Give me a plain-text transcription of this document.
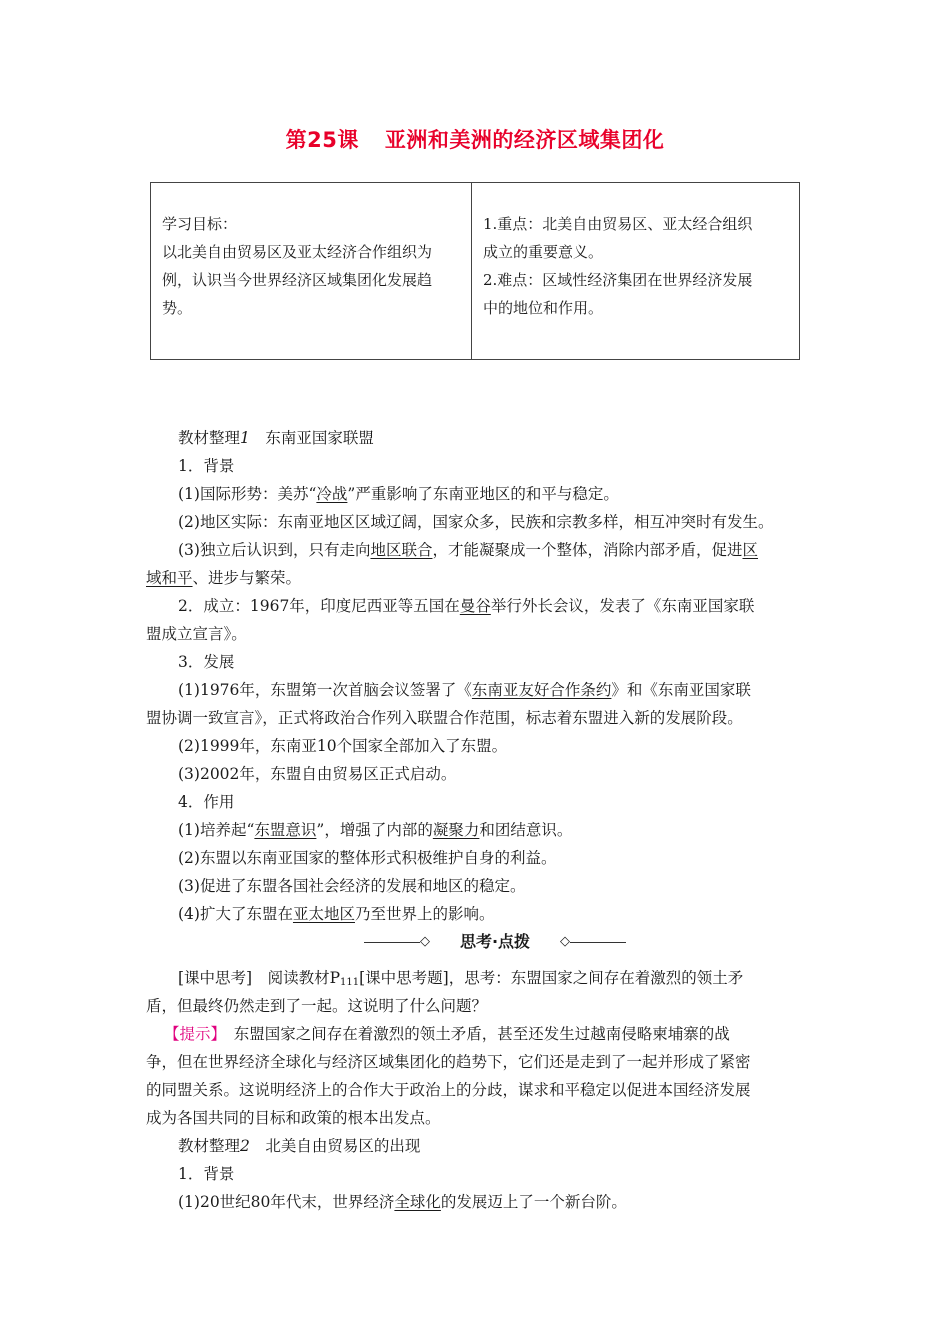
第25课 亚洲和美洲的经济区域集团化
学习目标：
以北美自由贸易区及亚太经济合作组织为
例，认识当今世界经济区域集团化发展趋
势。
1.重点：北美自由贸易区、亚太经合组织
成立的重要意义。
2.难点：区域性经济集团在世界经济发展
中的地位和作用。
教材整理1　 东南亚国家联盟
1．背景
(1)国际形势：美苏“冷战”严重影响了东南亚地区的和平与稳定。
(2)地区实际：东南亚地区区域辽阔，国家众多，民族和宗教多样，相互冲突时有发生。
(3)独立后认识到，只有走向地区联合，才能凝聚成一个整体，消除内部矛盾，促进区
域和平、进步与繁荣。
2．成立：1967年，印度尼西亚等五国在曼谷举行外长会议，发表了《东南亚国家联
盟成立宣言》。
3．发展
(1)1976年，东盟第一次首脑会议签署了《东南亚友好合作条约》和《东南亚国家联
盟协调一致宣言》，正式将政治合作列入联盟合作范围，标志着东盟进入新的发展阶段。
(2)1999年，东南亚10个国家全部加入了东盟。
(3)2002年，东盟自由贸易区正式启动。
4．作用
(1)培养起“东盟意识”，增强了内部的凝聚力和团结意识。
(2)东盟以东南亚国家的整体形式积极维护自身的利益。
(3)促进了东盟各国社会经济的发展和地区的稳定。
(4)扩大了东盟在亚太地区乃至世界上的影响。
◇	思考·点拨	◇
[课中思考]　阅读教材$P_{111}$[课中思考题]，思考：东盟国家之间存在着激烈的领土矛
盾，但最终仍然走到了一起。这说明了什么问题？
【提示】　东盟国家之间存在着激烈的领土矛盾，甚至还发生过越南侵略柬埔寨的战
争，但在世界经济全球化与经济区域集团化的趋势下，它们还是走到了一起并形成了紧密
的同盟关系。这说明经济上的合作大于政治上的分歧，谋求和平稳定以促进本国经济发展
成为各国共同的目标和政策的根本出发点。
教材整理2　 北美自由贸易区的出现
1．背景
(1)20世纪80年代末，世界经济全球化的发展迈上了一个新台阶。
